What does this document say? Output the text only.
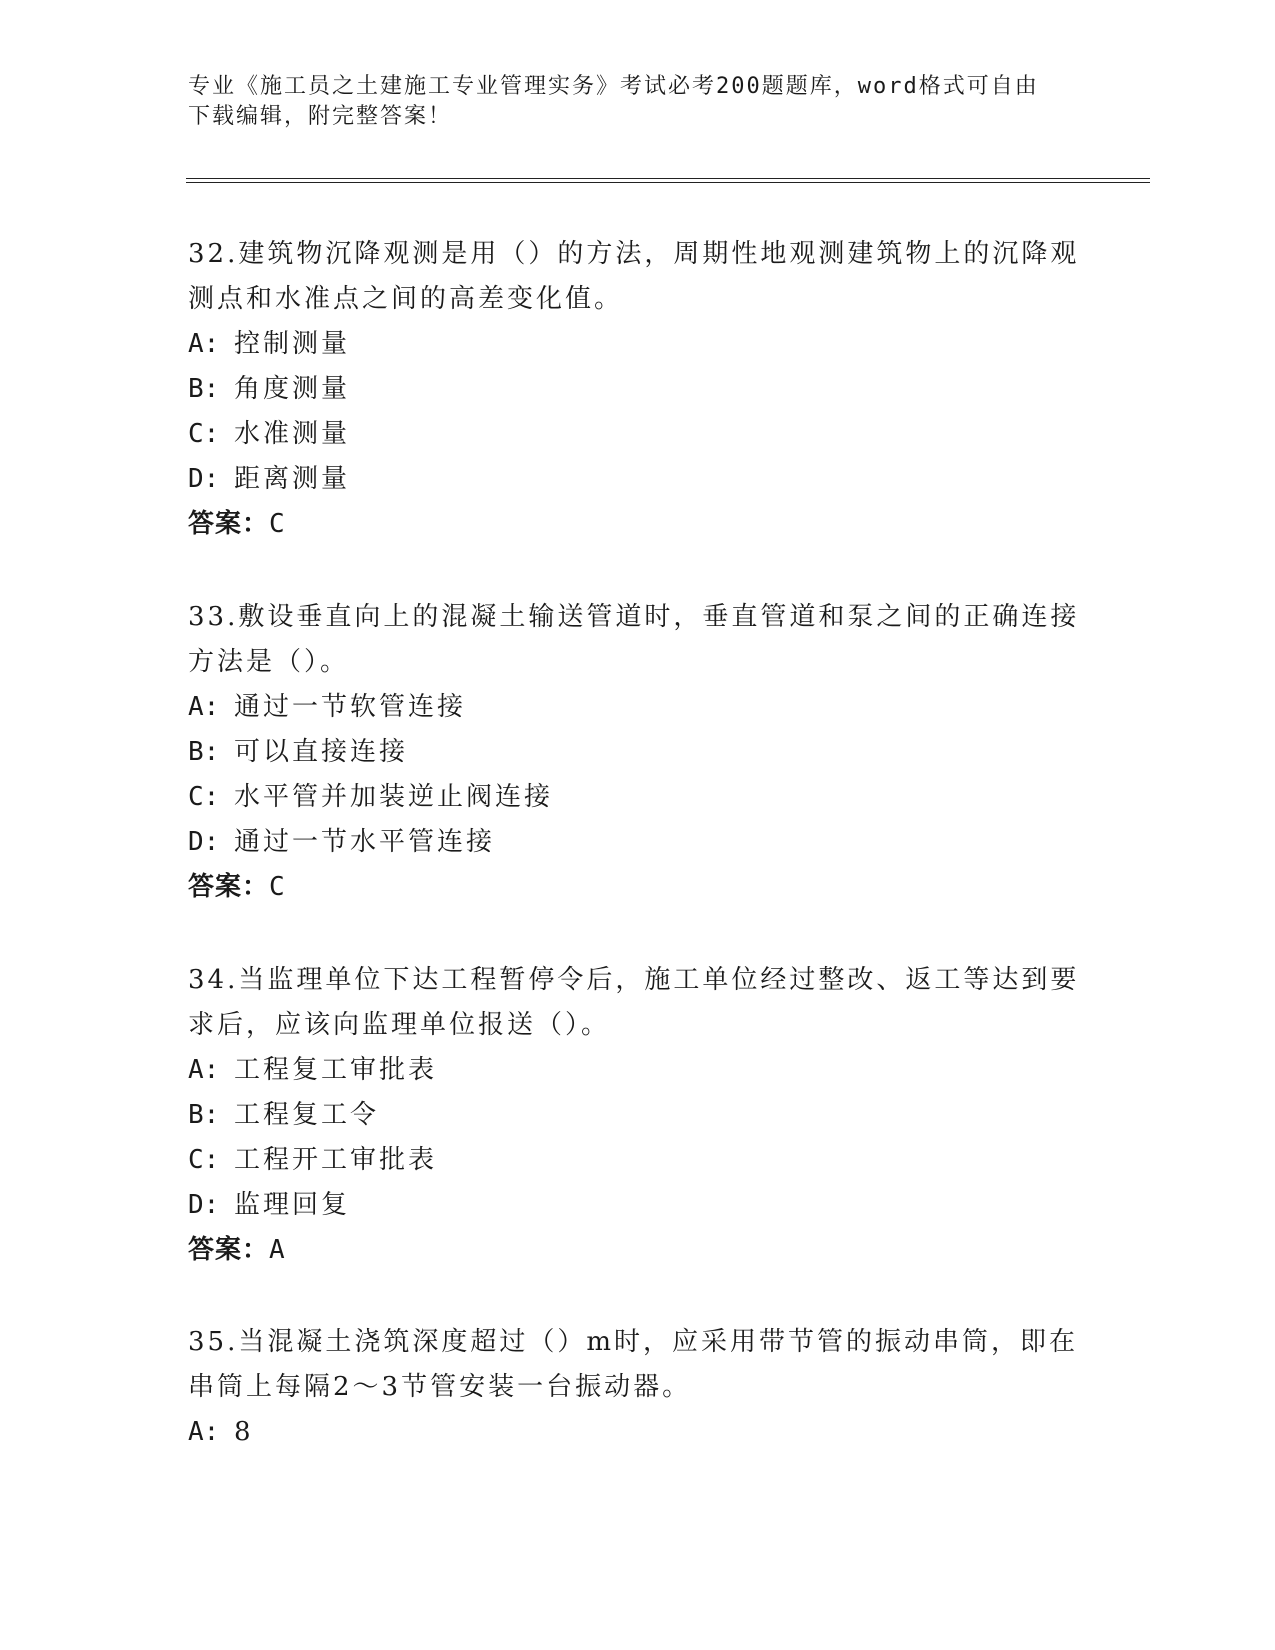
专业《施工员之土建施工专业管理实务》考试必考200题题库，word格式可自由
下载编辑，附完整答案！

32.建筑物沉降观测是用（）的方法，周期性地观测建筑物上的沉降观
测点和水准点之间的高差变化值。

A: 控制测量

B: 角度测量

C: 水准测量

D: 距离测量

答案：C

33.敷设垂直向上的混凝土输送管道时，垂直管道和泵之间的正确连接
方法是（）。

A: 通过一节软管连接

B: 可以直接连接

C: 水平管并加装逆止阀连接

D: 通过一节水平管连接

答案：C

34.当监理单位下达工程暂停令后，施工单位经过整改、返工等达到要
求后，应该向监理单位报送（）。

A: 工程复工审批表

B: 工程复工令

C: 工程开工审批表

D: 监理回复

答案：A

35.当混凝土浇筑深度超过（）m时，应采用带节管的振动串筒，即在
串筒上每隔2～3节管安装一台振动器。

A: 8
